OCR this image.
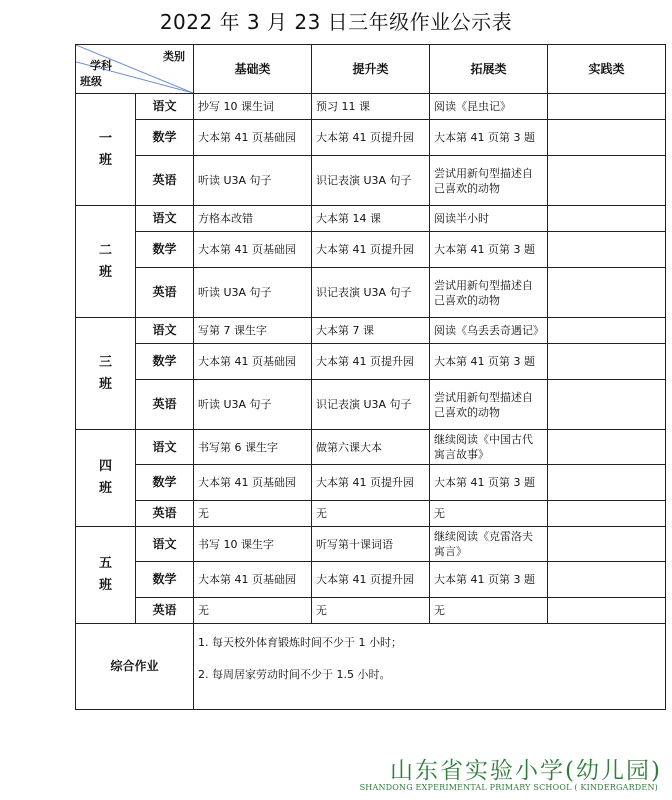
2022 年 3 月 23 日三年级作业公示表
类别
学科
班级		基础类	提升类	拓展类	实践类
一
班	语文	抄写 10 课生词	预习 11 课	阅读《昆虫记》	
	数学	大本第 41 页基础园	大本第 41 页提升园	大本第 41 页第 3 题	
	英语	听读 U3A 句子	识记表演 U3A 句子	尝试用新句型描述自己喜欢的动物	
二
班	语文	方格本改错	大本第 14 课	阅读半小时	
	数学	大本第 41 页基础园	大本第 41 页提升园	大本第 41 页第 3 题	
	英语	听读 U3A 句子	识记表演 U3A 句子	尝试用新句型描述自己喜欢的动物	
三
班	语文	写第 7 课生字	大本第 7 课	阅读《乌丢丢奇遇记》	
	数学	大本第 41 页基础园	大本第 41 页提升园	大本第 41 页第 3 题	
	英语	听读 U3A 句子	识记表演 U3A 句子	尝试用新句型描述自己喜欢的动物	
四
班	语文	书写第 6 课生字	做第六课大本	继续阅读《中国古代寓言故事》	
	数学	大本第 41 页基础园	大本第 41 页提升园	大本第 41 页第 3 题	
	英语	无	无	无	
五
班	语文	书写 10 课生字	听写第十课词语	继续阅读《克雷洛夫寓言》	
	数学	大本第 41 页基础园	大本第 41 页提升园	大本第 41 页第 3 题	
	英语	无	无	无	
综合作业		1. 每天校外体育锻炼时间不少于 1 小时；
2. 每周居家劳动时间不少于 1.5 小时。			
山东省实验小学(幼儿园)
SHANDONG EXPERIMENTAL PRIMARY SCHOOL ( KINDERGARDEN)
